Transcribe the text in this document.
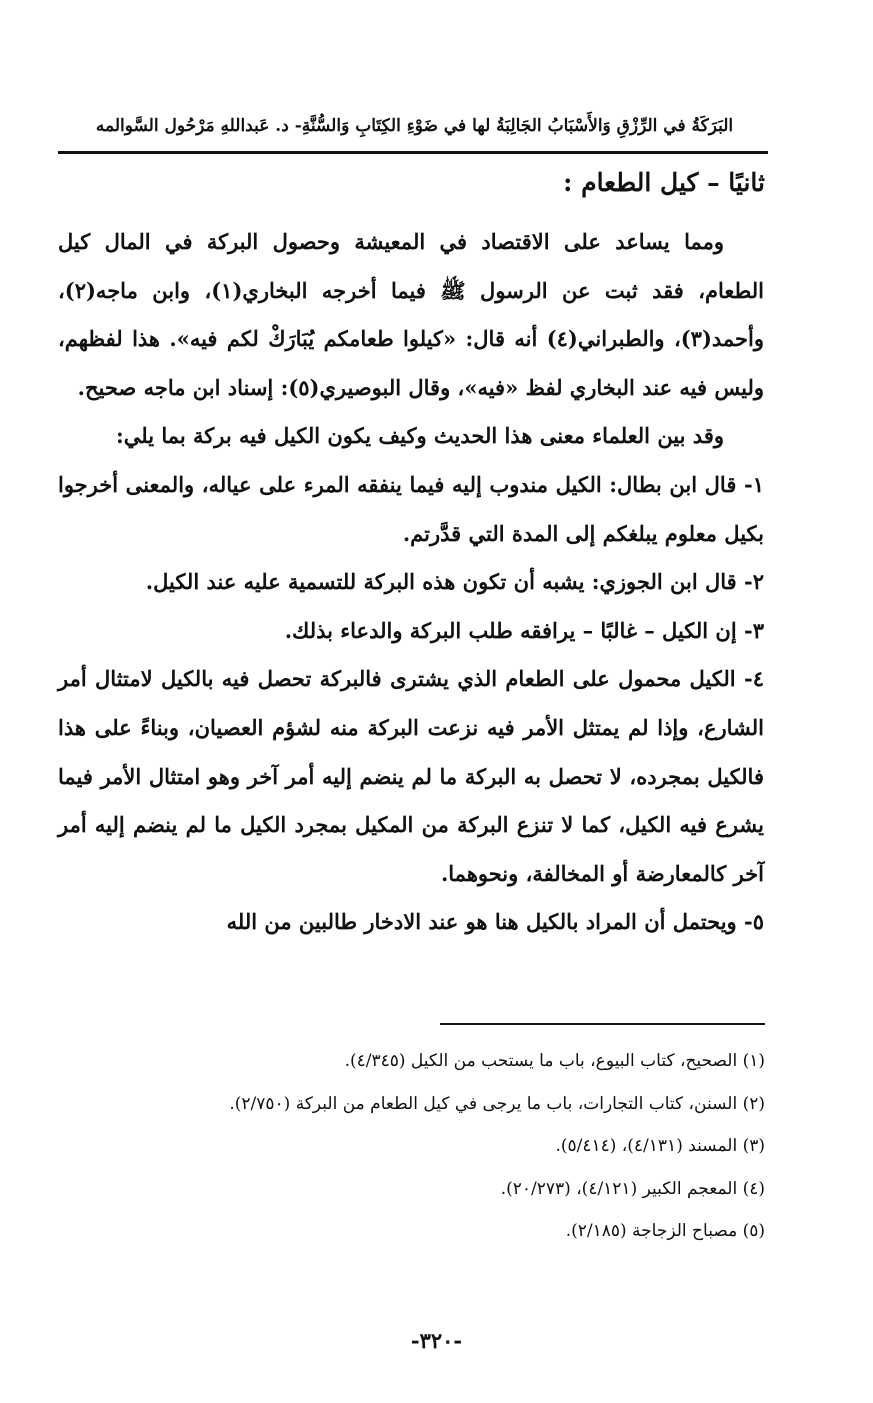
البَرَكَةُ في الرِّزْقِ وَالأَسْبَابُ الجَالِبَةُ لها في ضَوْءِ الكِتَابِ وَالسُّنَّةِ- د. عَبداللهِ مَرْحُول السَّوالمه
ثانيًا – كيل الطعام :

ومما يساعد على الاقتصاد في المعيشة وحصول البركة في المال كيل الطعام، فقد ثبت عن الرسول ﷺ فيما أخرجه البخاري(١)، وابن ماجه(٢)، وأحمد(٣)، والطبراني(٤) أنه قال: «كيلوا طعامكم يُبَارَكْ لكم فيه». هذا لفظهم، وليس فيه عند البخاري لفظ «فيه»، وقال البوصيري(٥): إسناد ابن ماجه صحيح.

وقد بين العلماء معنى هذا الحديث وكيف يكون الكيل فيه بركة بما يلي:

١- قال ابن بطال: الكيل مندوب إليه فيما ينفقه المرء على عياله، والمعنى أخرجوا بكيل معلوم يبلغكم إلى المدة التي قدَّرتم.

٢- قال ابن الجوزي: يشبه أن تكون هذه البركة للتسمية عليه عند الكيل.

٣- إن الكيل – غالبًا – يرافقه طلب البركة والدعاء بذلك.

٤- الكيل محمول على الطعام الذي يشترى فالبركة تحصل فيه بالكيل لامتثال أمر الشارع، وإذا لم يمتثل الأمر فيه نزعت البركة منه لشؤم العصيان، وبناءً على هذا فالكيل بمجرده، لا تحصل به البركة ما لم ينضم إليه أمر آخر وهو امتثال الأمر فيما يشرع فيه الكيل، كما لا تنزع البركة من المكيل بمجرد الكيل ما لم ينضم إليه أمر آخر كالمعارضة أو المخالفة، ونحوهما.

٥- ويحتمل أن المراد بالكيل هنا هو عند الادخار طالبين من الله

(١) الصحيح، كتاب البيوع، باب ما يستحب من الكيل (٤/٣٤٥).
(٢) السنن، كتاب التجارات، باب ما يرجى في كيل الطعام من البركة (٢/٧٥٠).
(٣) المسند (٤/١٣١)، (٥/٤١٤).
(٤) المعجم الكبير (٤/١٢١)، (٢٠/٢٧٣).
(٥) مصباح الزجاجة (٢/١٨٥).
-٣٢٠-
